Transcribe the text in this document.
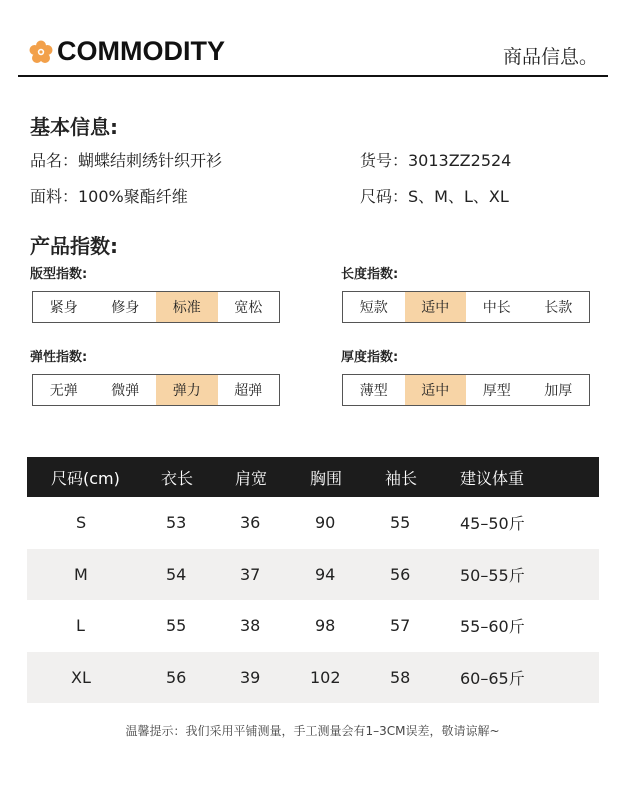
COMMODITY	商品信息。
基本信息:
品名：蝴蝶结刺绣针织开衫	货号：3013ZZ2524
面料：100%聚酯纤维	尺码：S、M、L、XL
产品指数:
版型指数:
紧身	修身	标准	宽松
长度指数:
短款	适中	中长	长款
弹性指数:
无弹	微弹	弹力	超弹
厚度指数:
薄型	适中	厚型	加厚
尺码(cm)	衣长	肩宽	胸围	袖长	建议体重
S	53	36	90	55	45–50斤
M	54	37	94	56	50–55斤
L	55	38	98	57	55–60斤
XL	56	39	102	58	60–65斤
温馨提示：我们采用平铺测量，手工测量会有1–3CM误差，敬请谅解~
